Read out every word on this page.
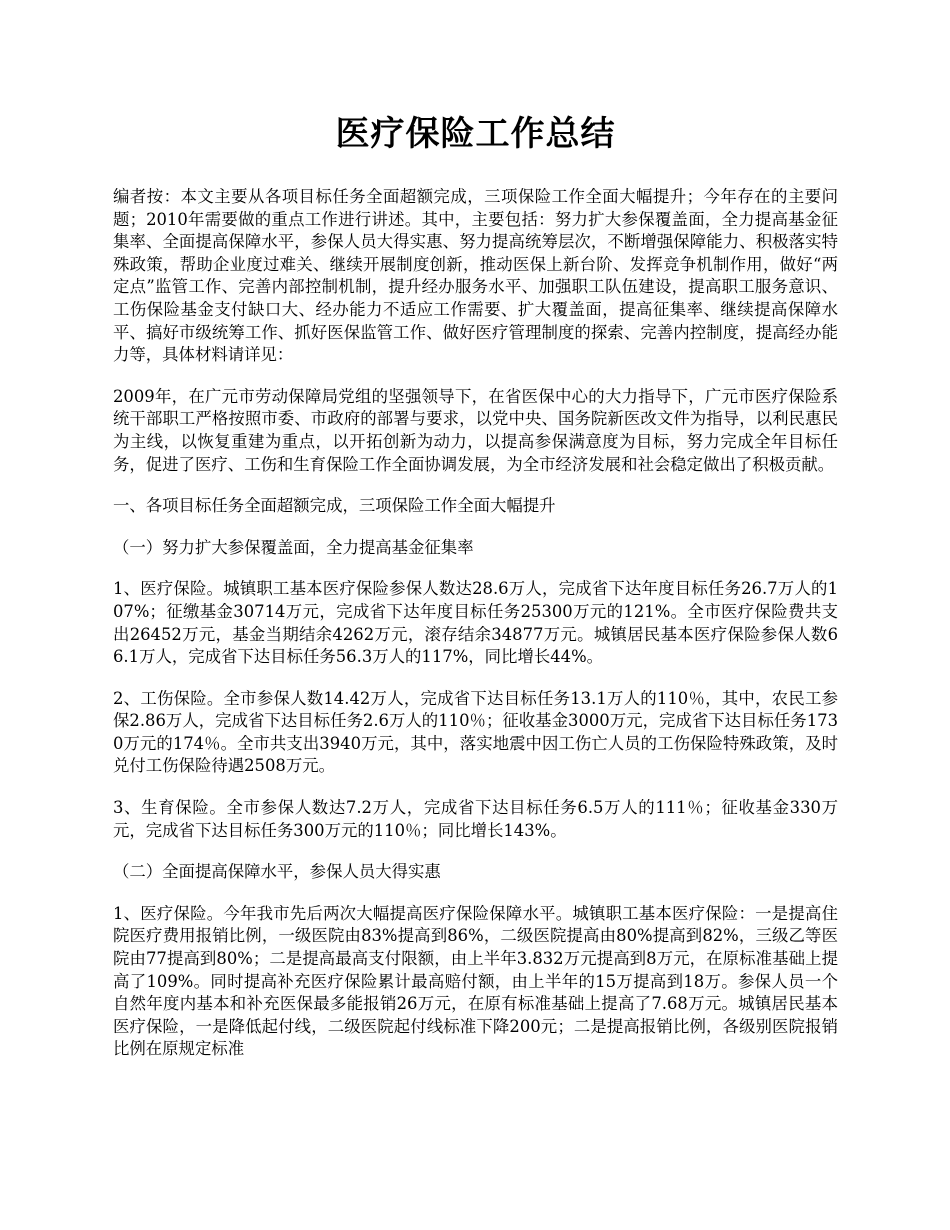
医疗保险工作总结

编者按：本文主要从各项目标任务全面超额完成，三项保险工作全面大幅提升；今年存在的主要问题；2010年需要做的重点工作进行讲述。其中，主要包括：努力扩大参保覆盖面，全力提高基金征集率、全面提高保障水平，参保人员大得实惠、努力提高统筹层次，不断增强保障能力、积极落实特殊政策，帮助企业度过难关、继续开展制度创新，推动医保上新台阶、发挥竞争机制作用，做好“两定点”监管工作、完善内部控制机制，提升经办服务水平、加强职工队伍建设，提高职工服务意识、工伤保险基金支付缺口大、经办能力不适应工作需要、扩大覆盖面，提高征集率、继续提高保障水平、搞好市级统筹工作、抓好医保监管工作、做好医疗管理制度的探索、完善内控制度，提高经办能力等，具体材料请详见：

2009年，在广元市劳动保障局党组的坚强领导下，在省医保中心的大力指导下，广元市医疗保险系统干部职工严格按照市委、市政府的部署与要求，以党中央、国务院新医改文件为指导，以利民惠民为主线，以恢复重建为重点，以开拓创新为动力，以提高参保满意度为目标，努力完成全年目标任务，促进了医疗、工伤和生育保险工作全面协调发展，为全市经济发展和社会稳定做出了积极贡献。

一、各项目标任务全面超额完成，三项保险工作全面大幅提升

（一）努力扩大参保覆盖面，全力提高基金征集率

1、医疗保险。城镇职工基本医疗保险参保人数达28.6万人，完成省下达年度目标任务26.7万人的107%；征缴基金30714万元，完成省下达年度目标任务25300万元的121%。全市医疗保险费共支出26452万元，基金当期结余4262万元，滚存结余34877万元。城镇居民基本医疗保险参保人数66.1万人，完成省下达目标任务56.3万人的117%，同比增长44%。

2、工伤保险。全市参保人数14.42万人，完成省下达目标任务13.1万人的110％，其中，农民工参保2.86万人，完成省下达目标任务2.6万人的110％；征收基金3000万元，完成省下达目标任务1730万元的174％。全市共支出3940万元，其中，落实地震中因工伤亡人员的工伤保险特殊政策，及时兑付工伤保险待遇2508万元。

3、生育保险。全市参保人数达7.2万人，完成省下达目标任务6.5万人的111％；征收基金330万元，完成省下达目标任务300万元的110％；同比增长143%。

（二）全面提高保障水平，参保人员大得实惠

1、医疗保险。今年我市先后两次大幅提高医疗保险保障水平。城镇职工基本医疗保险：一是提高住院医疗费用报销比例，一级医院由83%提高到86%，二级医院提高由80%提高到82%，三级乙等医院由77提高到80%；二是提高最高支付限额，由上半年3.832万元提高到8万元，在原标准基础上提高了109%。同时提高补充医疗保险累计最高赔付额，由上半年的15万提高到18万。参保人员一个自然年度内基本和补充医保最多能报销26万元，在原有标准基础上提高了7.68万元。城镇居民基本医疗保险，一是降低起付线，二级医院起付线标准下降200元；二是提高报销比例，各级别医院报销比例在原规定标准
